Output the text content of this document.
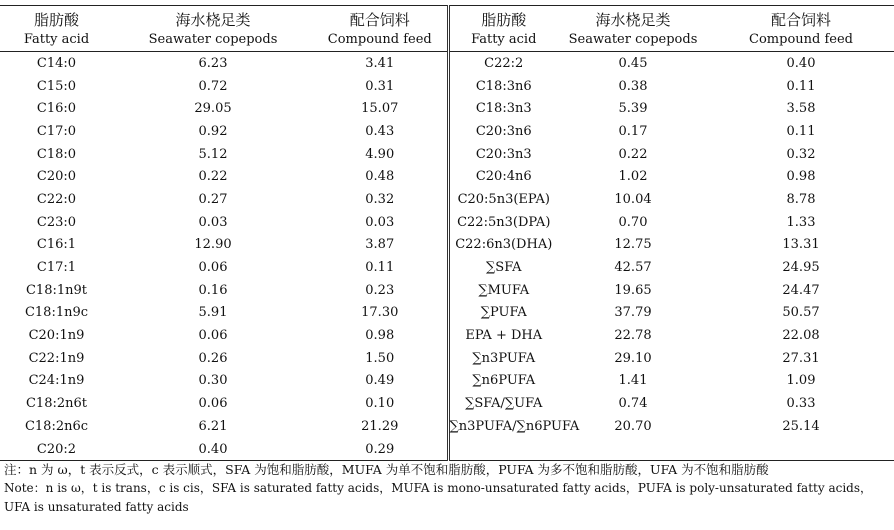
脂肪酸	海水桡足类	配合饲料	脂肪酸	海水桡足类	配合饲料
Fatty acid	Seawater copepods	Compound feed	Fatty acid	Seawater copepods	Compound feed
C14:0	6.23	3.41	C22:2	0.45	0.40
C15:0	0.72	0.31	C18:3n6	0.38	0.11
C16:0	29.05	15.07	C18:3n3	5.39	3.58
C17:0	0.92	0.43	C20:3n6	0.17	0.11
C18:0	5.12	4.90	C20:3n3	0.22	0.32
C20:0	0.22	0.48	C20:4n6	1.02	0.98
C22:0	0.27	0.32	C20:5n3(EPA)	10.04	8.78
C23:0	0.03	0.03	C22:5n3(DPA)	0.70	1.33
C16:1	12.90	3.87	C22:6n3(DHA)	12.75	13.31
C17:1	0.06	0.11	∑SFA	42.57	24.95
C18:1n9t	0.16	0.23	∑MUFA	19.65	24.47
C18:1n9c	5.91	17.30	∑PUFA	37.79	50.57
C20:1n9	0.06	0.98	EPA + DHA	22.78	22.08
C22:1n9	0.26	1.50	∑n3PUFA	29.10	27.31
C24:1n9	0.30	0.49	∑n6PUFA	1.41	1.09
C18:2n6t	0.06	0.10	∑SFA/∑UFA	0.74	0.33
C18:2n6c	6.21	21.29	∑n3PUFA/∑n6PUFA	20.70	25.14
C20:2	0.40	0.29			
注：n 为 ω，t 表示反式，c 表示顺式，SFA 为饱和脂肪酸，MUFA 为单不饱和脂肪酸，PUFA 为多不饱和脂肪酸，UFA 为不饱和脂肪酸
Note：n is ω，t is trans，c is cis，SFA is saturated fatty acids，MUFA is mono-unsaturated fatty acids，PUFA is poly-unsaturated fatty acids，UFA is unsaturated fatty acids
